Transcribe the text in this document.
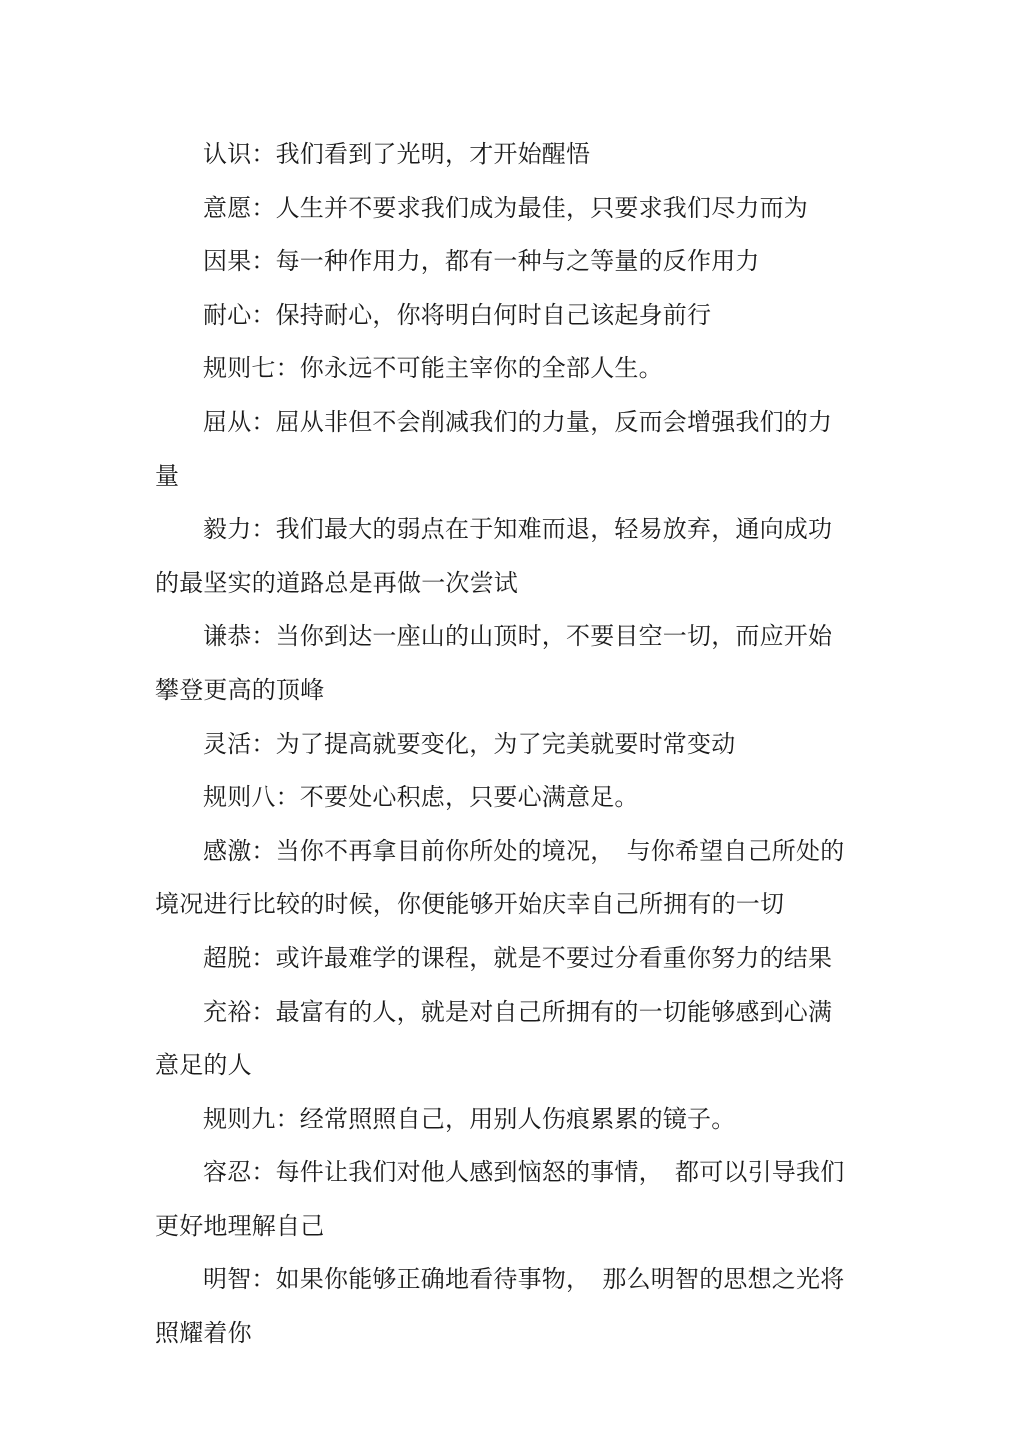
认识：我们看到了光明，才开始醒悟

意愿：人生并不要求我们成为最佳，只要求我们尽力而为

因果：每一种作用力，都有一种与之等量的反作用力

耐心：保持耐心，你将明白何时自己该起身前行

规则七：你永远不可能主宰你的全部人生。

屈从：屈从非但不会削减我们的力量，反而会增强我们的力量

毅力：我们最大的弱点在于知难而退，轻易放弃，通向成功的最坚实的道路总是再做一次尝试

谦恭：当你到达一座山的山顶时，不要目空一切，而应开始攀登更高的顶峰

灵活：为了提高就要变化，为了完美就要时常变动

规则八：不要处心积虑，只要心满意足。

感激：当你不再拿目前你所处的境况，　与你希望自己所处的境况进行比较的时候，你便能够开始庆幸自己所拥有的一切

超脱：或许最难学的课程，就是不要过分看重你努力的结果

充裕：最富有的人，就是对自己所拥有的一切能够感到心满意足的人

规则九：经常照照自己，用别人伤痕累累的镜子。

容忍：每件让我们对他人感到恼怒的事情，　都可以引导我们更好地理解自己

明智：如果你能够正确地看待事物，　那么明智的思想之光将照耀着你
